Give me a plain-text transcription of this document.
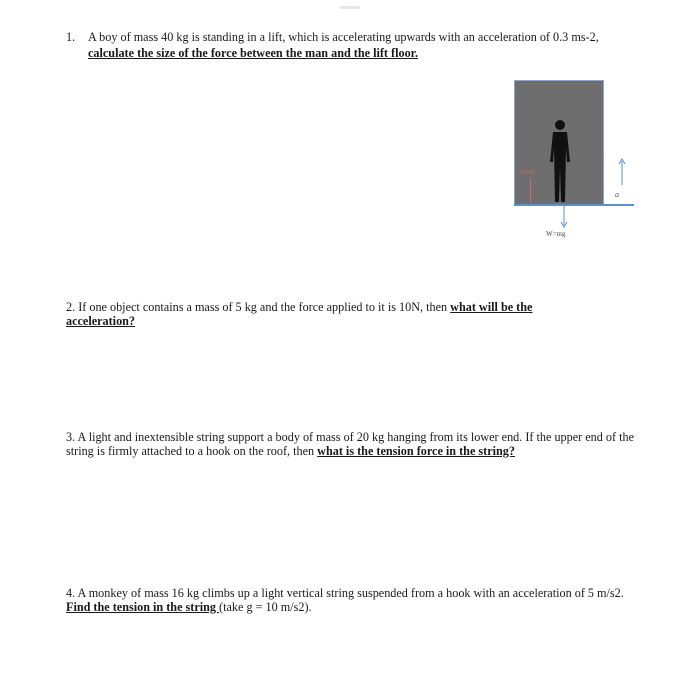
1. A boy of mass 40 kg is standing in a lift, which is accelerating upwards with an acceleration of 0.3 ms-2,
calculate the size of the force between the man and the lift floor.
Fn=?
a⃗
W=mg
2. If one object contains a mass of 5 kg and the force applied to it is 10N, then what will be the acceleration?
3. A light and inextensible string support a body of mass of 20 kg hanging from its lower end. If the upper end of the string is firmly attached to a hook on the roof, then what is the tension force in the string?
4. A monkey of mass 16 kg climbs up a light vertical string suspended from a hook with an acceleration of 5 m/s2. Find the tension in the string (take g = 10 m/s2).
